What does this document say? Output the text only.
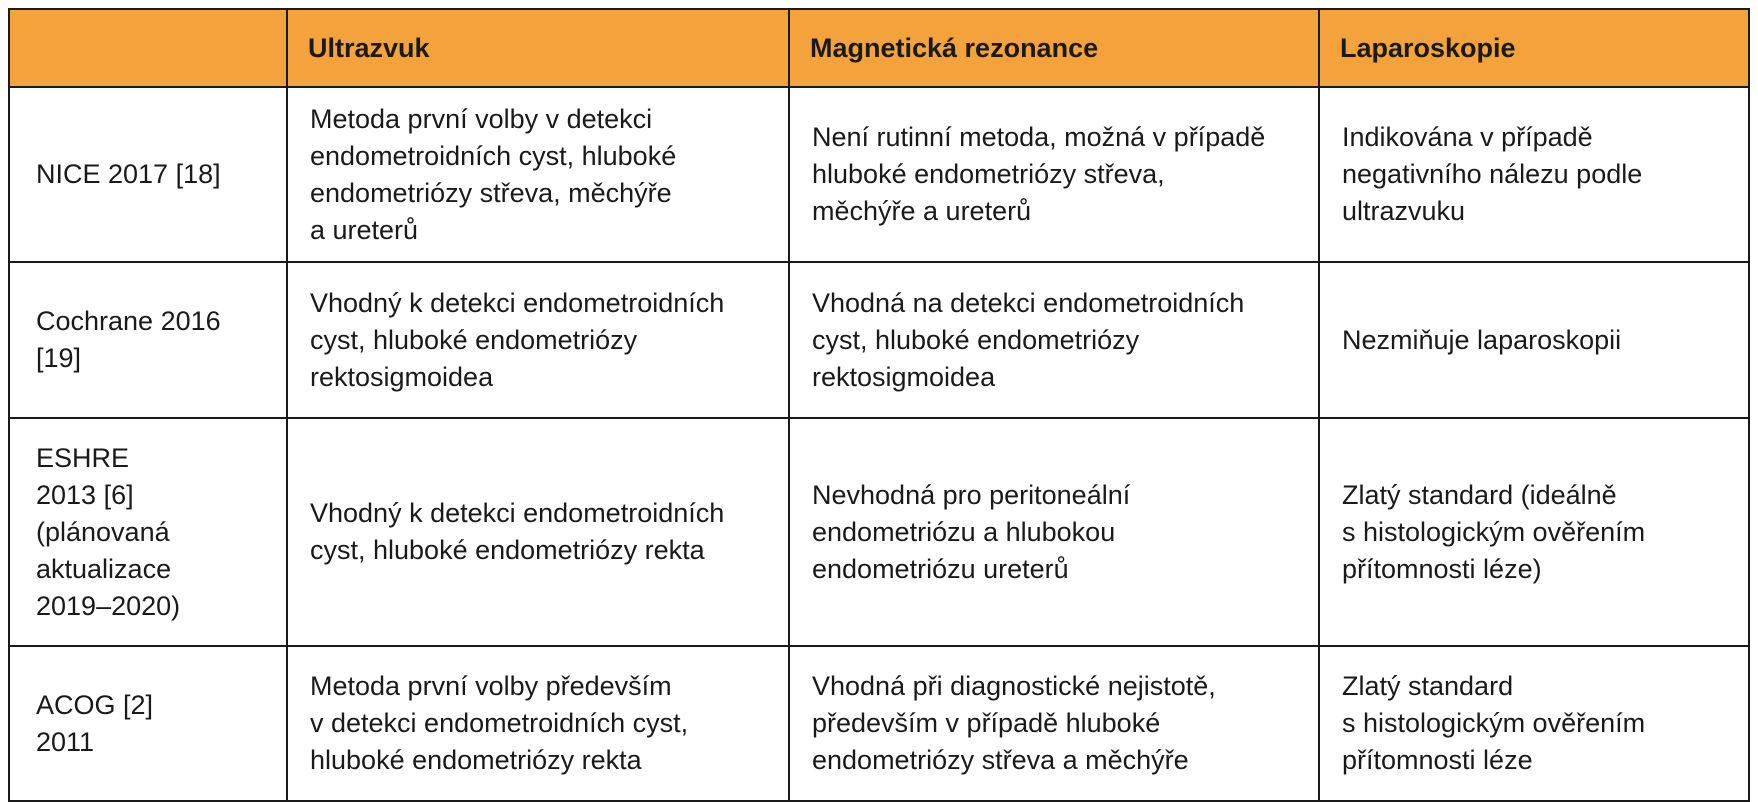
	Ultrazvuk	Magnetická rezonance	Laparoskopie

NICE 2017 [18]	Metoda první volby v detekci
endometroidních cyst, hluboké
endometriózy střeva, měchýře
a ureterů	Není rutinní metoda, možná v případě
hluboké endometriózy střeva,
měchýře a ureterů	Indikována v případě
negativního nálezu podle
ultrazvuku

Cochrane 2016
[19]	Vhodný k detekci endometroidních
cyst, hluboké endometriózy
rektosigmoidea	Vhodná na detekci endometroidních
cyst, hluboké endometriózy
rektosigmoidea	Nezmiňuje laparoskopii

ESHRE
2013 [6]
(plánovaná
aktualizace
2019–2020)	Vhodný k detekci endometroidních
cyst, hluboké endometriózy rekta	Nevhodná pro peritoneální
endometriózu a hlubokou
endometriózu ureterů	Zlatý standard (ideálně
s histologickým ověřením
přítomnosti léze)

ACOG [2]
2011	Metoda první volby především
v detekci endometroidních cyst,
hluboké endometriózy rekta	Vhodná při diagnostické nejistotě,
především v případě hluboké
endometriózy střeva a měchýře	Zlatý standard
s histologickým ověřením
přítomnosti léze
